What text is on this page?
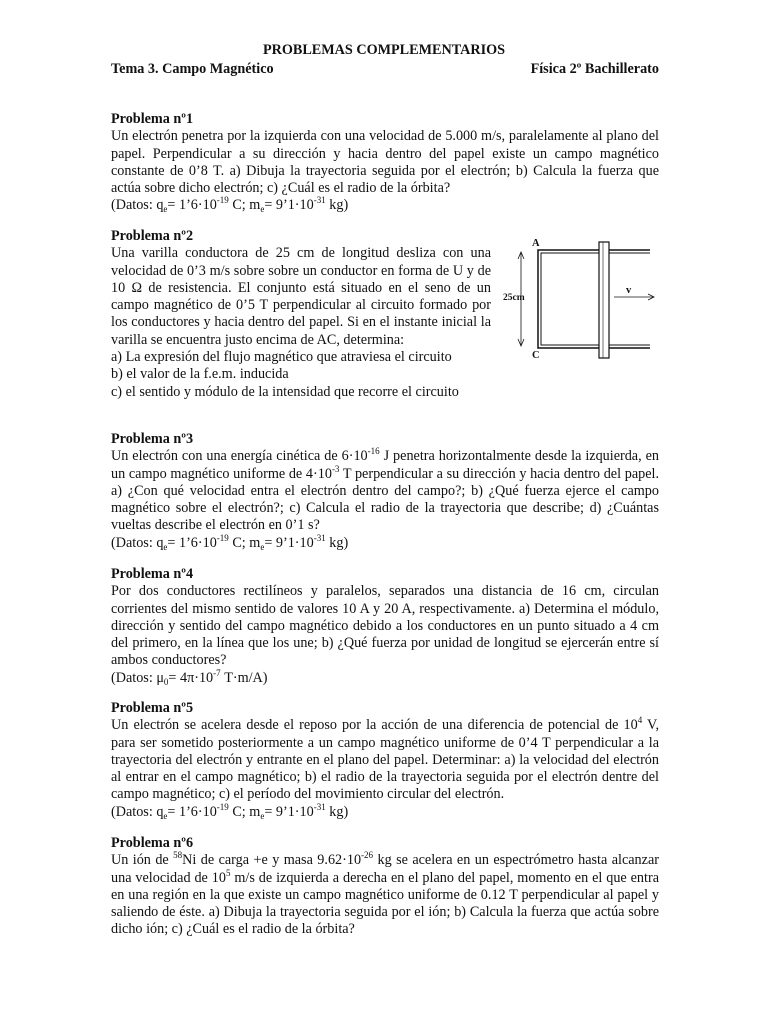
PROBLEMAS COMPLEMENTARIOS
Tema 3. Campo Magnético	Física 2º Bachillerato
Problema nº1

Un electrón penetra por la izquierda con una velocidad de 5.000 m/s, paralelamente al plano del papel. Perpendicular a su dirección y hacia dentro del papel existe un campo magnético constante de 0’8 T. a) Dibuja la trayectoria seguida por el electrón; b) Calcula la fuerza que actúa sobre dicho electrón; c) ¿Cuál es el radio de la órbita?

(Datos: $q_e=$ $1’6\cdot 10^{-19}$ C; $m_e=$ $9’1\cdot 10^{-31}$ kg)
Problema nº2

Una varilla conductora de 25 cm de longitud desliza con una velocidad de 0’3 m/s sobre sobre un conductor en forma de U y de 10 Ω de resistencia. El conjunto está situado en el seno de un campo magnético de 0’5 T perpendicular al circuito formado por los conductores y hacia dentro del papel. Si en el instante inicial la varilla se encuentra justo encima de AC, determina:

a) La expresión del flujo magnético que atraviesa el circuito
b) el valor de la f.e.m. inducida
c) el sentido y módulo de la intensidad que recorre el circuito
A
C
25cm
v
Problema nº3

Un electrón con una energía cinética de $6\cdot 10^{-16}$ J penetra horizontalmente desde la izquierda, en un campo magnético uniforme de $4\cdot 10^{-3}$ T perpendicular a su dirección y hacia dentro del papel. a) ¿Con qué velocidad entra el electrón dentro del campo?; b) ¿Qué fuerza ejerce el campo magnético sobre el electrón?; c) Calcula el radio de la trayectoria que describe; d) ¿Cuántas vueltas describe el electrón en 0’1 s?

(Datos: $q_e=$ $1’6\cdot 10^{-19}$ C; $m_e=$ $9’1\cdot 10^{-31}$ kg)
Problema nº4

Por dos conductores rectilíneos y paralelos, separados una distancia de 16 cm, circulan corrientes del mismo sentido de valores 10 A y 20 A, respectivamente. a) Determina el módulo, dirección y sentido del campo magnético debido a los conductores en un punto situado a 4 cm del primero, en la línea que los une; b) ¿Qué fuerza por unidad de longitud se ejercerán entre sí ambos conductores?

(Datos: $\mu_0= 4\pi\cdot 10^{-7}$ T·m/A)
Problema nº5

Un electrón se acelera desde el reposo por la acción de una diferencia de potencial de $10^4$ V, para ser sometido posteriormente a un campo magnético uniforme de 0’4 T perpendicular a la trayectoria del electrón y entrante en el plano del papel. Determinar: a) la velocidad del electrón al entrar en el campo magnético; b) el radio de la trayectoria seguida por el electrón dentre del campo magnético; c) el período del movimiento circular del electrón.

(Datos: $q_e=$ $1’6\cdot 10^{-19}$ C; $m_e=$ $9’1\cdot 10^{-31}$ kg)
Problema nº6

Un ión de $^{58}$Ni de carga +e y masa $9.62\cdot 10^{-26}$ kg se acelera en un espectrómetro hasta alcanzar una velocidad de $10^5$ m/s de izquierda a derecha en el plano del papel, momento en el que entra en una región en la que existe un campo magnético uniforme de 0.12 T perpendicular al papel y saliendo de éste. a) Dibuja la trayectoria seguida por el ión; b) Calcula la fuerza que actúa sobre dicho ión; c) ¿Cuál es el radio de la órbita?
